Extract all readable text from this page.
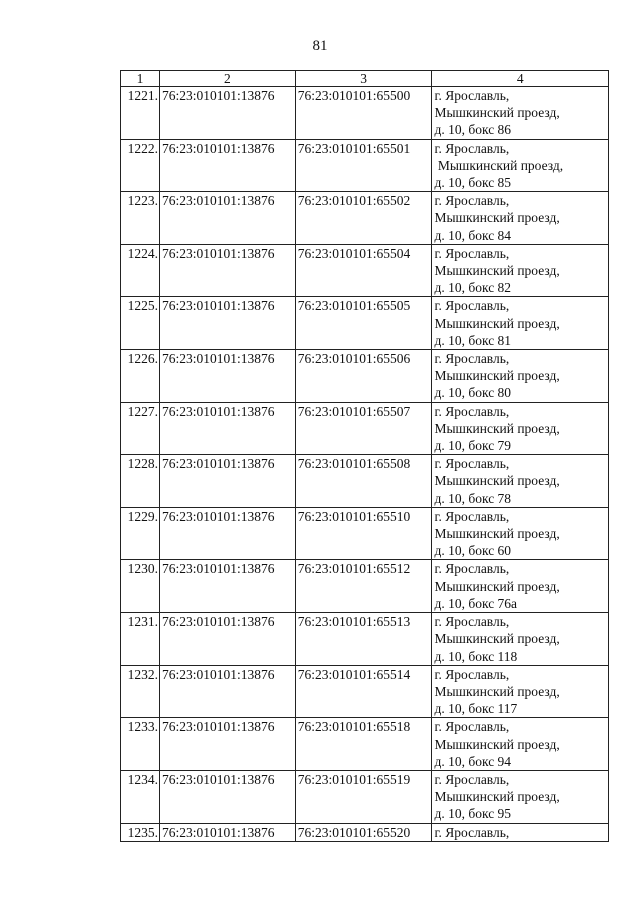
81
1	2	3	4
1221.	76:23:010101:13876	76:23:010101:65500	г. Ярославль,
Мышкинский проезд,
д. 10, бокс 86
1222.	76:23:010101:13876	76:23:010101:65501	г. Ярославль,
Мышкинский проезд,
д. 10, бокс 85
1223.	76:23:010101:13876	76:23:010101:65502	г. Ярославль,
Мышкинский проезд,
д. 10, бокс 84
1224.	76:23:010101:13876	76:23:010101:65504	г. Ярославль,
Мышкинский проезд,
д. 10, бокс 82
1225.	76:23:010101:13876	76:23:010101:65505	г. Ярославль,
Мышкинский проезд,
д. 10, бокс 81
1226.	76:23:010101:13876	76:23:010101:65506	г. Ярославль,
Мышкинский проезд,
д. 10, бокс 80
1227.	76:23:010101:13876	76:23:010101:65507	г. Ярославль,
Мышкинский проезд,
д. 10, бокс 79
1228.	76:23:010101:13876	76:23:010101:65508	г. Ярославль,
Мышкинский проезд,
д. 10, бокс 78
1229.	76:23:010101:13876	76:23:010101:65510	г. Ярославль,
Мышкинский проезд,
д. 10, бокс 60
1230.	76:23:010101:13876	76:23:010101:65512	г. Ярославль,
Мышкинский проезд,
д. 10, бокс 76а
1231.	76:23:010101:13876	76:23:010101:65513	г. Ярославль,
Мышкинский проезд,
д. 10, бокс 118
1232.	76:23:010101:13876	76:23:010101:65514	г. Ярославль,
Мышкинский проезд,
д. 10, бокс 117
1233.	76:23:010101:13876	76:23:010101:65518	г. Ярославль,
Мышкинский проезд,
д. 10, бокс 94
1234.	76:23:010101:13876	76:23:010101:65519	г. Ярославль,
Мышкинский проезд,
д. 10, бокс 95
1235.	76:23:010101:13876	76:23:010101:65520	г. Ярославль,
